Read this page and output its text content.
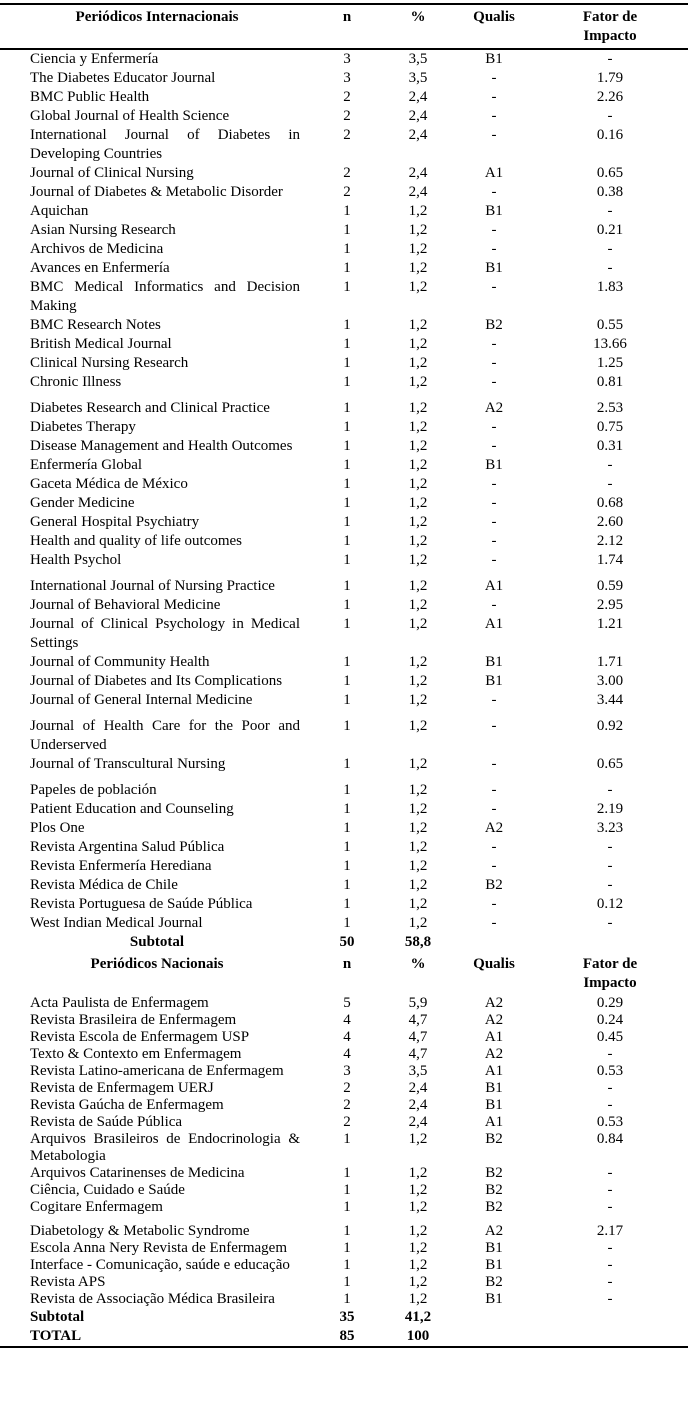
Periódicos Internacionais	n	%	Qualis	Fator de Impacto
Ciencia y Enfermería	3	3,5	B1	-
The Diabetes Educator Journal	3	3,5	-	1.79
BMC Public Health	2	2,4	-	2.26
Global Journal of Health Science	2	2,4	-	-
International Journal of Diabetes in Developing Countries	2	2,4	-	0.16
Journal of Clinical Nursing	2	2,4	A1	0.65
Journal of Diabetes & Metabolic Disorder	2	2,4	-	0.38
Aquichan	1	1,2	B1	-
Asian Nursing Research	1	1,2	-	0.21
Archivos de Medicina	1	1,2	-	-
Avances en Enfermería	1	1,2	B1	-
BMC Medical Informatics and Decision Making	1	1,2	-	1.83
BMC Research Notes	1	1,2	B2	0.55
British Medical Journal	1	1,2	-	13.66
Clinical Nursing Research	1	1,2	-	1.25
Chronic Illness	1	1,2	-	0.81
Diabetes Research and Clinical Practice	1	1,2	A2	2.53
Diabetes Therapy	1	1,2	-	0.75
Disease Management and Health Outcomes	1	1,2	-	0.31
Enfermería Global	1	1,2	B1	-
Gaceta Médica de México	1	1,2	-	-
Gender Medicine	1	1,2	-	0.68
General Hospital Psychiatry	1	1,2	-	2.60
Health and quality of life outcomes	1	1,2	-	2.12
Health Psychol	1	1,2	-	1.74
International Journal of Nursing Practice	1	1,2	A1	0.59
Journal of Behavioral Medicine	1	1,2	-	2.95
Journal of Clinical Psychology in Medical Settings	1	1,2	A1	1.21
Journal of Community Health	1	1,2	B1	1.71
Journal of Diabetes and Its Complications	1	1,2	B1	3.00
Journal of General Internal Medicine	1	1,2	-	3.44
Journal of Health Care for the Poor and Underserved	1	1,2	-	0.92
Journal of Transcultural Nursing	1	1,2	-	0.65
Papeles de población	1	1,2	-	-
Patient Education and Counseling	1	1,2	-	2.19
Plos One	1	1,2	A2	3.23
Revista Argentina Salud Pública	1	1,2	-	-
Revista Enfermería Herediana	1	1,2	-	-
Revista Médica de Chile	1	1,2	B2	-
Revista Portuguesa de Saúde Pública	1	1,2	-	0.12
West Indian Medical Journal	1	1,2	-	-
Subtotal	50	58,8		
Periódicos Nacionais	n	%	Qualis	Fator de Impacto
Acta Paulista de Enfermagem	5	5,9	A2	0.29
Revista Brasileira de Enfermagem	4	4,7	A2	0.24
Revista Escola de Enfermagem USP	4	4,7	A1	0.45
Texto & Contexto em Enfermagem	4	4,7	A2	-
Revista Latino-americana de Enfermagem	3	3,5	A1	0.53
Revista de Enfermagem UERJ	2	2,4	B1	-
Revista Gaúcha de Enfermagem	2	2,4	B1	-
Revista de Saúde Pública	2	2,4	A1	0.53
Arquivos Brasileiros de Endocrinologia & Metabologia	1	1,2	B2	0.84
Arquivos Catarinenses de Medicina	1	1,2	B2	-
Ciência, Cuidado e Saúde	1	1,2	B2	-
Cogitare Enfermagem	1	1,2	B2	-
Diabetology & Metabolic Syndrome	1	1,2	A2	2.17
Escola Anna Nery Revista de Enfermagem	1	1,2	B1	-
Interface - Comunicação, saúde e educação	1	1,2	B1	-
Revista APS	1	1,2	B2	-
Revista de Associação Médica Brasileira	1	1,2	B1	-
Subtotal	35	41,2		
TOTAL	85	100		
